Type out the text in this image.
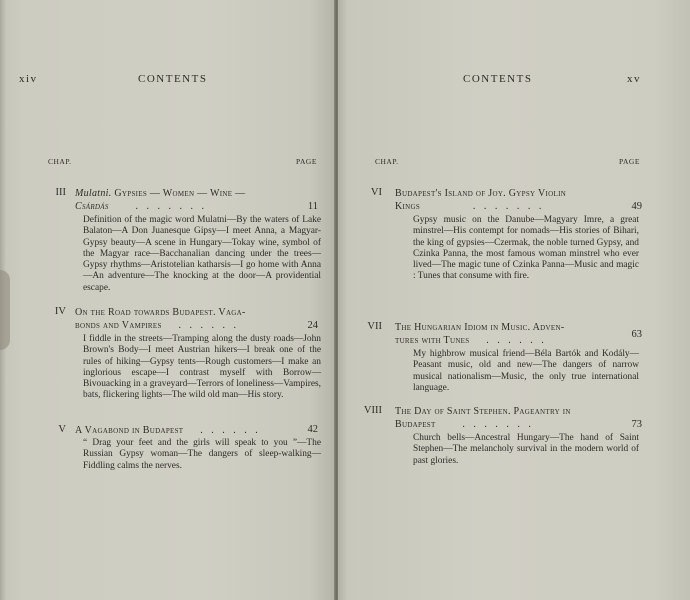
xiv	CONTENTS
CHAP.	PAGE
III Mulatni. Gypsies — Women — Wine —
Csárdás	. . . . . . .	11

Definition of the magic word Mulatni—By the waters of Lake Balaton—A Don Juanesque Gipsy—I meet Anna, a Magyar-Gypsy beauty—A scene in Hungary—Tokay wine, symbol of the Magyar race—Bacchanalian dancing under the trees—Gypsy rhythms—Aristotelian katharsis—I go home with Anna—An adventure—The knocking at the door—A providential escape.

IV On the Road towards Budapest. Vaga-
bonds and Vampires . . . . . .	24

I fiddle in the streets—Tramping along the dusty roads—John Brown's Body—I meet Austrian hikers—I break one of the rules of hiking—Gypsy tents—Rough customers—I make an inglorious escape—I contrast myself with Borrow—Bivouacking in a graveyard—Terrors of loneliness—Vampires, bats, flickering lights—The wild old man—His story.

V A Vagabond in Budapest . . . . . .	42

“ Drag your feet and the girls will speak to you ”—The Russian Gypsy woman—The dangers of sleep-walking—Fiddling calms the nerves.

CONTENTS	xv
CHAP.	PAGE
VI Budapest's Island of Joy. Gypsy Violin
Kings	. . . . . . .	49

Gypsy music on the Danube—Magyary Imre, a great minstrel—His contempt for nomads—His stories of Bihari, the king of gypsies—Czermak, the noble turned Gypsy, and Czinka Panna, the most famous woman minstrel who ever lived—The magic tune of Czinka Panna—Music and magic : Tunes that consume with fire.

VII The Hungarian Idiom in Music. Adven-
tures with Tunes . . . . . .
63

My highbrow musical friend—Béla Bartók and Kodály—Peasant music, old and new—The dangers of narrow musical nationalism—Music, the only true international language.

VIII The Day of Saint Stephen. Pageantry in
Budapest	. . . . . . .	73

Church bells—Ancestral Hungary—The hand of Saint Stephen—The melancholy survival in the modern world of past glories.
